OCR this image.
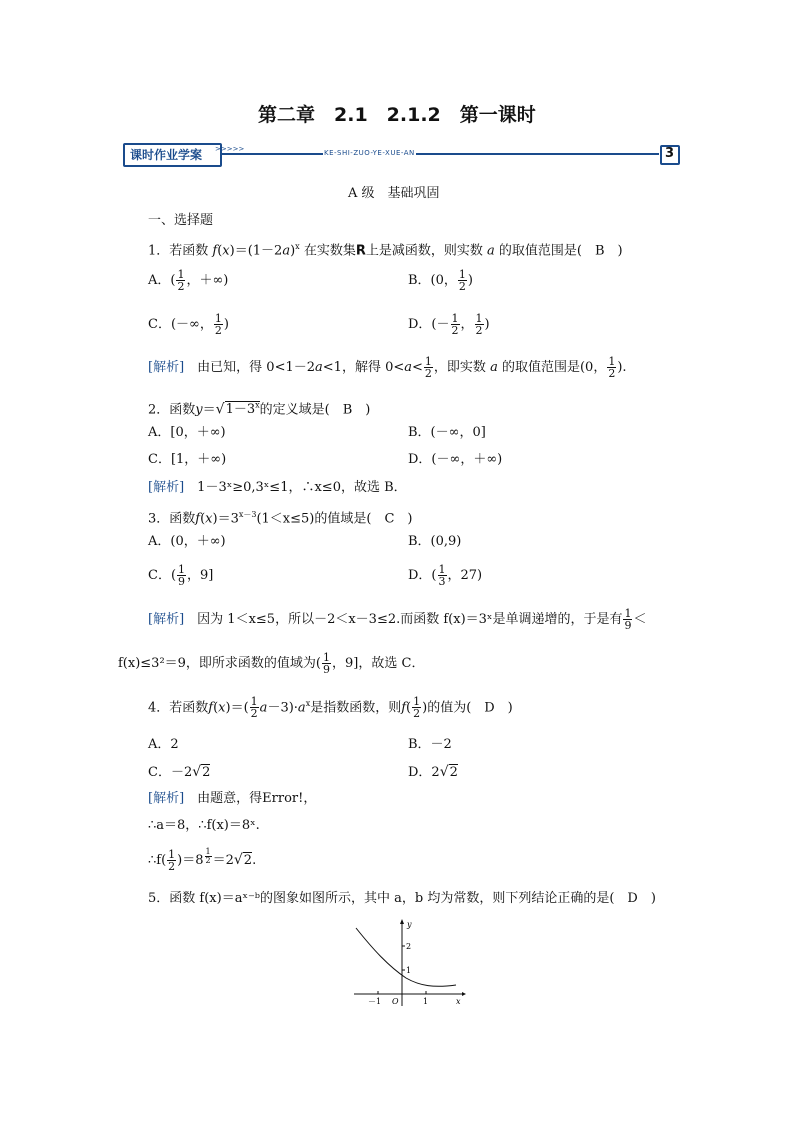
第二章　2.1　2.1.2　第一课时
课时作业学案 >>>>>	KE-SHI-ZUO-YE-XUE-AN	3
A 级　基础巩固
一、选择题
1．若函数 $f(x)=(1-2a)^x$ 在实数集R上是减函数，则实数 a 的取值范围是(　B　)
A．( $\frac{1}{2}$ ，＋∞)	B．(0， $\frac{1}{2}$ )
C．(－∞， $\frac{1}{2}$ )	D．(－ $\frac{1}{2}$ ， $\frac{1}{2}$ )
[解析]　 由已知，得 0<1－2a<1，解得 $0<a< \frac{1}{2}$ ，即实数 a 的取值范围是(0， $\frac{1}{2}$ ).
2．函数$y=√1-3^x$的定义域是(　B　)
A．[0，＋∞)	B．(－∞，0]
C．[1，＋∞)	D．(－∞，＋∞)
[解析]　 1－3ˣ≥0,3ˣ≤1，∴x≤0，故选 B．
3．函数$f(x)=3^{x-3}(1<x\le 5)$的值域是(　C　)
A．(0，＋∞)	B．(0,9)
C．( $\frac{1}{9}$ ，9]	D．( $\frac{1}{3}$ ，27)
[解析]　 因为 1＜x≤5，所以－2＜x－3≤2.而函数 f(x)＝3ˣ是单调递增的，于是有 $\frac{1}{9}$ ＜
f(x)≤3²＝9，即所求函数的值域为( $\frac{1}{9}$ ，9]，故选 C．
4．若函数$f(x)=( \frac{1}{2} a-3)\cdot a^x$是指数函数，则$f( \frac{1}{2}$ )的值为(　D　)
A．2	B．－2
C．－2√2	D．2√2
[解析]　 由题意，得Error!，
∴a＝8，∴f(x)＝8ˣ.
∴f( $\frac{1}{2} )=8$ $^{\frac{1}{2}}$ ＝2√2.
5．函数 f(x)＝aˣ⁻ᵇ的图象如图所示，其中 a，b 均为常数，则下列结论正确的是(　D　)
y
x
O
2
1
－1	1
